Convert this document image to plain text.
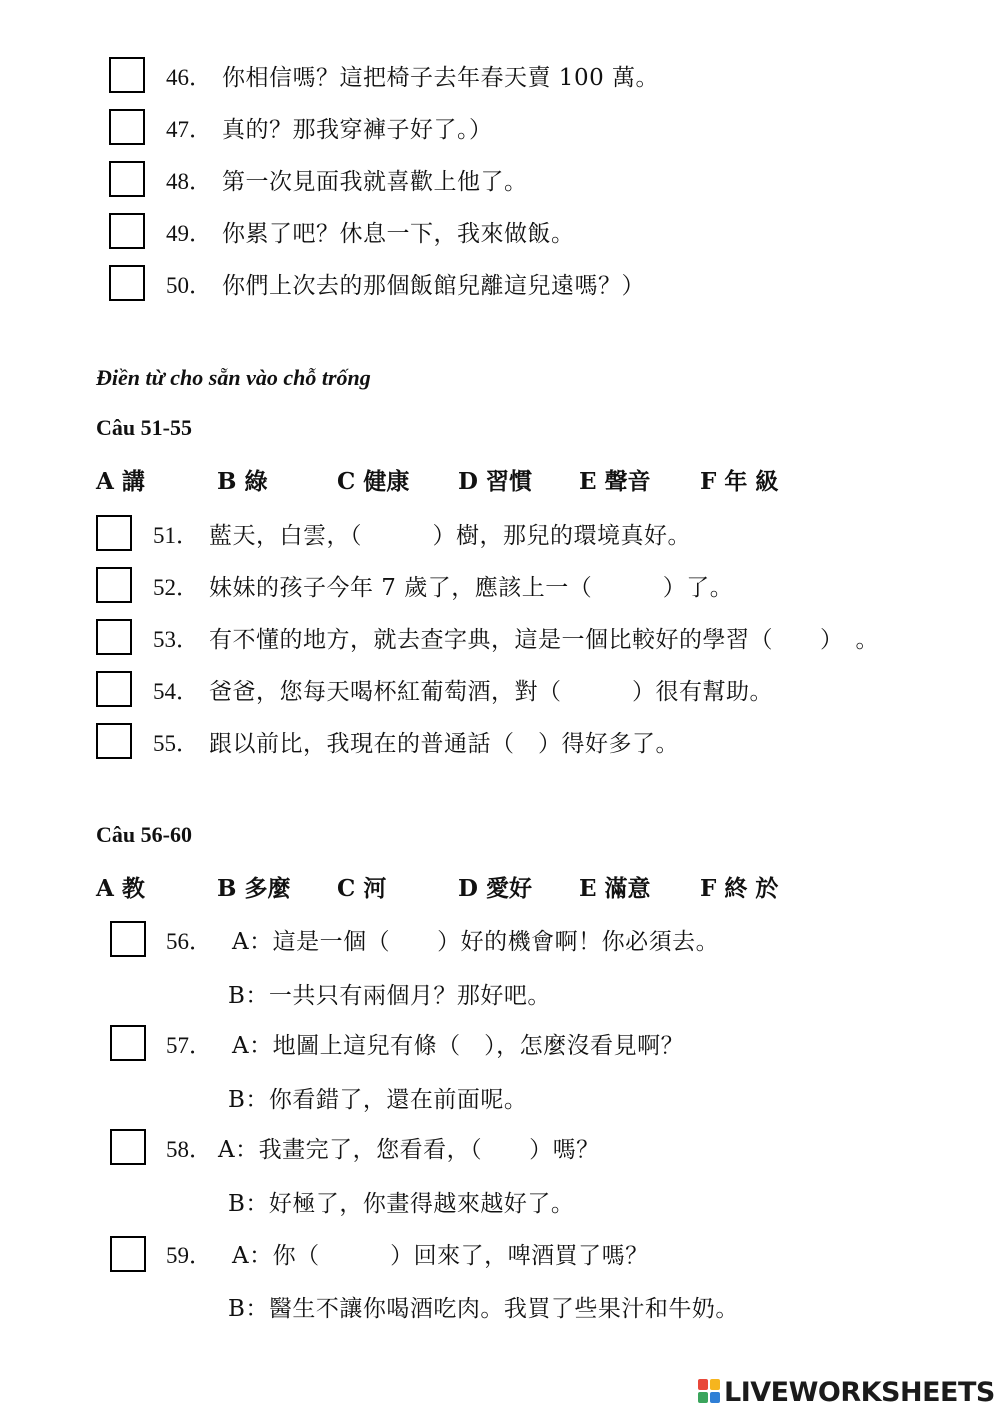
46． 你相信嗎？這把椅子去年春天賣 100 萬。
47． 真的？那我穿褲子好了。）
48． 第一次見面我就喜歡上他了。
49． 你累了吧？休息一下，我來做飯。
50． 你們上次去的那個飯館兒離這兒遠嗎？）
Điền từ cho sẵn vào chỗ trống
Câu 51-55
A 講	B 綠	C 健康 D 習慣 E 聲音 F 年 級
51． 藍天，白雲，（　　　）樹，那兒的環境真好。
52． 妹妹的孩子今年 7 歲了，應該上一（　　　）了。
53． 有不懂的地方，就去查字典，這是一個比較好的學習（　　）　。
54． 爸爸，您每天喝杯紅葡萄酒，對（　　　）很有幫助。
55． 跟以前比，我現在的普通話（　）得好多了。
Câu 56-60
A 教	B 多麼 C 河	D 愛好 E 滿意 F 終 於
56． A：這是一個（　　）好的機會啊！你必須去。
B：一共只有兩個月？那好吧。
57． A：地圖上這兒有條（　），怎麼沒看見啊？
B：你看錯了，還在前面呢。
58． A：我畫完了，您看看，（　　）嗎？
B：好極了，你畫得越來越好了。
59． A：你（　　　）回來了，啤酒買了嗎？
B：醫生不讓你喝酒吃肉。我買了些果汁和牛奶。
LIVEWORKSHEETS
